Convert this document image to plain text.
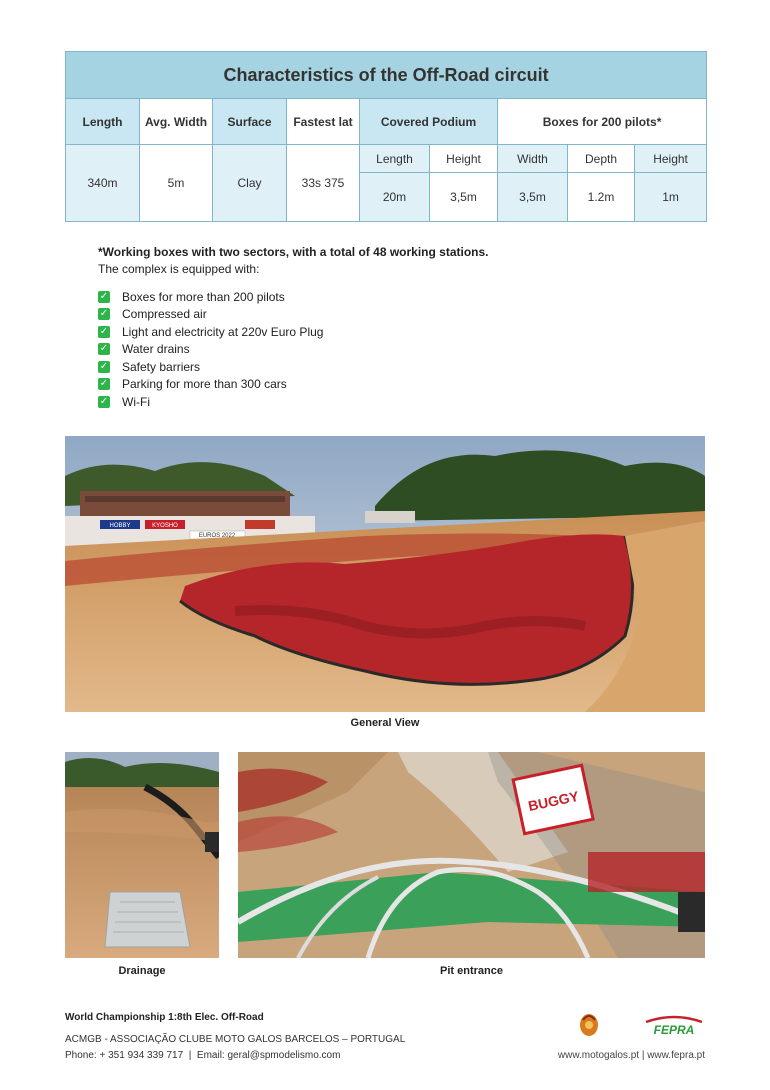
Characteristics of the Off-Road circuit								
Length	Avg. Width	Surface	Fastest lat	Covered Podium		Boxes for 200 pilots*		
340m	5m	Clay	33s 375	Length	Height	Width	Depth	Height
				20m	3,5m	3,5m	1.2m	1m
*Working boxes with two sectors, with a total of 48 working stations.
The complex is equipped with:
✓ Boxes for more than 200 pilots
✓ Compressed air
✓ Light and electricity at 220v Euro Plug
✓ Water drains
✓ Safety barriers
✓ Parking for more than 300 cars
✓ Wi-Fi
HOBBY	KYOSHO
EUROS 2022
General View
Drainage
BUGGY
Pit entrance
World Championship 1:8th Elec. Off-Road
ACMGB - ASSOCIAÇÃO CLUBE MOTO GALOS BARCELOS – PORTUGAL
Phone: + 351 934 339 717  |  Email: geral@spmodelismo.com	www.motogalos.pt | www.fepra.pt
FEPRA
